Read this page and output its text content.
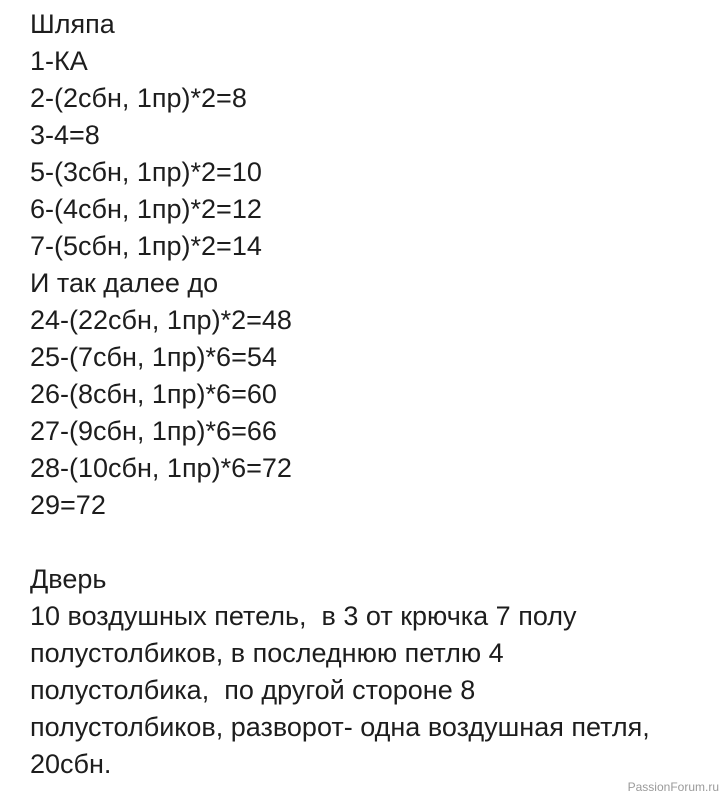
Шляпа
1-КА
2-(2сбн, 1пр)*2=8
3-4=8
5-(3сбн, 1пр)*2=10
6-(4сбн, 1пр)*2=12
7-(5сбн, 1пр)*2=14
И так далее до
24-(22сбн, 1пр)*2=48
25-(7сбн, 1пр)*6=54
26-(8сбн, 1пр)*6=60
27-(9сбн, 1пр)*6=66
28-(10сбн, 1пр)*6=72
29=72
Дверь
10 воздушных петель,  в 3 от крючка 7 полу
полустолбиков, в последнюю петлю 4
полустолбика,  по другой стороне 8
полустолбиков, разворот- одна воздушная петля,
20сбн.
PassionForum.ru
